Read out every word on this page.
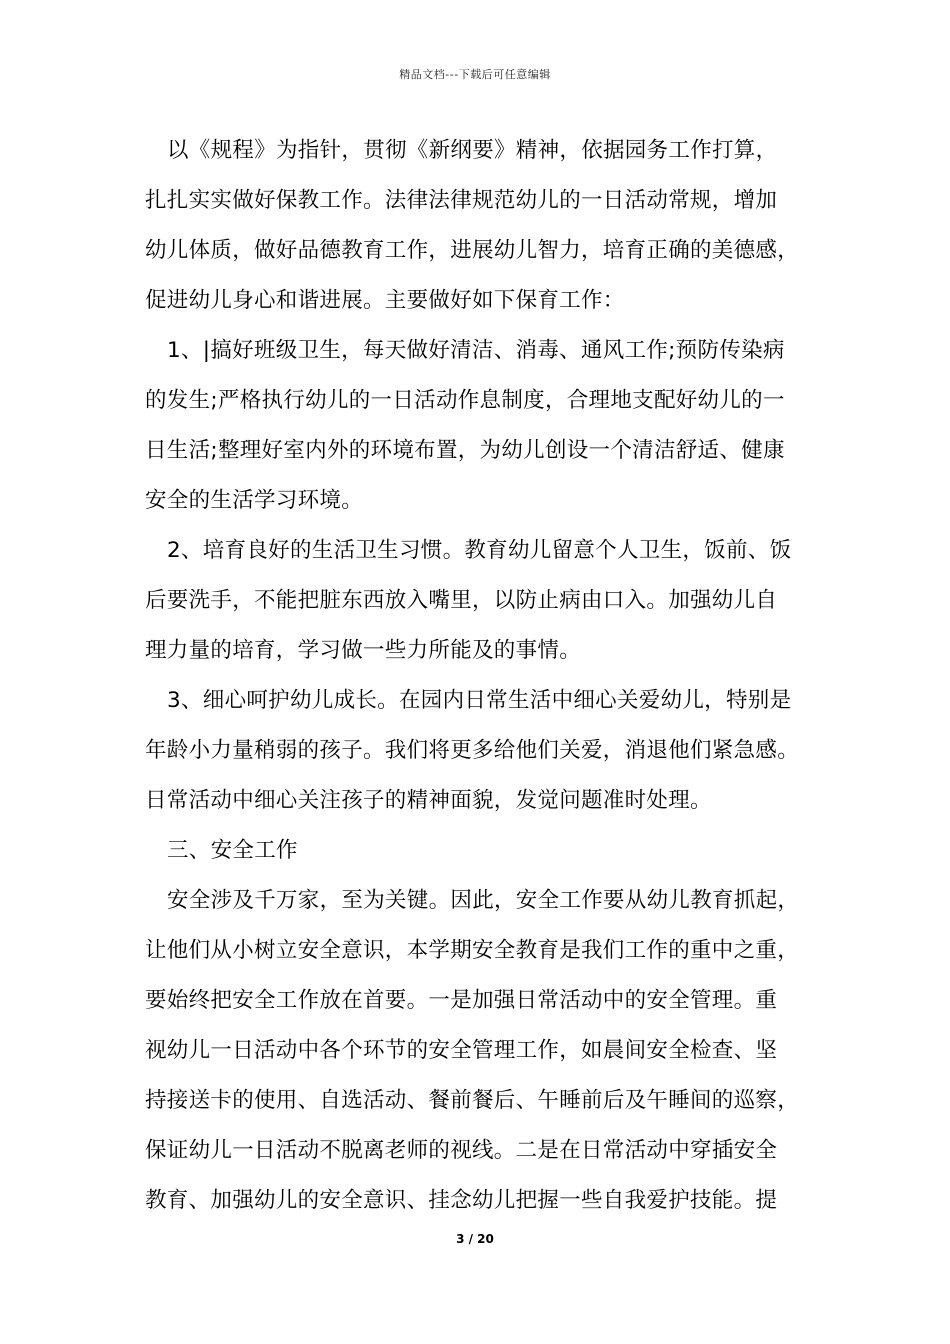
精品文档---下载后可任意编辑
以《规程》为指针，贯彻《新纲要》精神，依据园务工作打算，
扎扎实实做好保教工作。法律法律规范幼儿的一日活动常规，增加
幼儿体质，做好品德教育工作，进展幼儿智力，培育正确的美德感，
促进幼儿身心和谐进展。主要做好如下保育工作：
1、|搞好班级卫生，每天做好清洁、消毒、通风工作;预防传染病
的发生;严格执行幼儿的一日活动作息制度，合理地支配好幼儿的一
日生活;整理好室内外的环境布置，为幼儿创设一个清洁舒适、健康
安全的生活学习环境。
2、培育良好的生活卫生习惯。教育幼儿留意个人卫生，饭前、饭
后要洗手，不能把脏东西放入嘴里，以防止病由口入。加强幼儿自
理力量的培育，学习做一些力所能及的事情。
3、细心呵护幼儿成长。在园内日常生活中细心关爱幼儿，特别是
年龄小力量稍弱的孩子。我们将更多给他们关爱，消退他们紧急感。
日常活动中细心关注孩子的精神面貌，发觉问题准时处理。
三、安全工作
安全涉及千万家，至为关键。因此，安全工作要从幼儿教育抓起，
让他们从小树立安全意识，本学期安全教育是我们工作的重中之重，
要始终把安全工作放在首要。一是加强日常活动中的安全管理。重
视幼儿一日活动中各个环节的安全管理工作，如晨间安全检查、坚
持接送卡的使用、自选活动、餐前餐后、午睡前后及午睡间的巡察，
保证幼儿一日活动不脱离老师的视线。二是在日常活动中穿插安全
教育、加强幼儿的安全意识、挂念幼儿把握一些自我爱护技能。提
3 / 20
